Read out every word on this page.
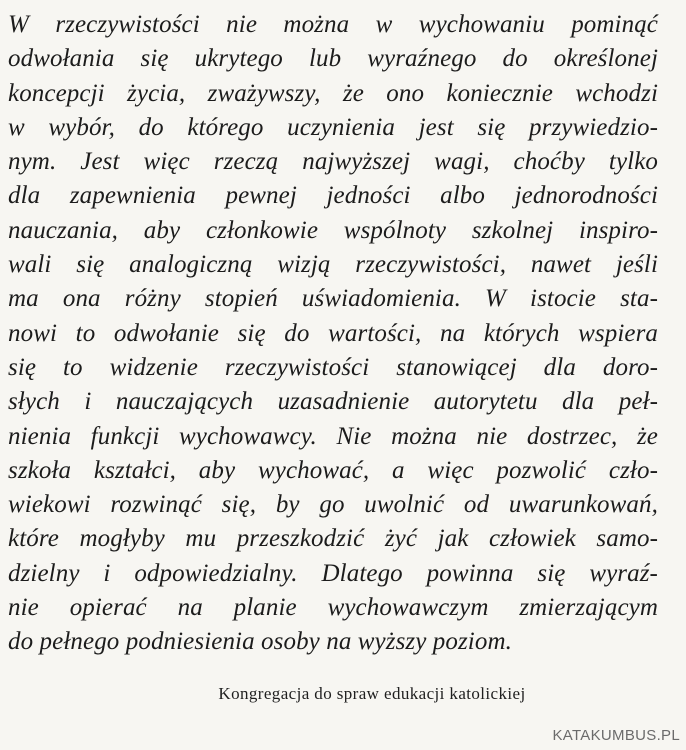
W rzeczywistości nie można w wychowaniu pominąć
odwołania się ukrytego lub wyraźnego do określonej
koncepcji życia, zważywszy, że ono koniecznie wchodzi
w wybór, do którego uczynienia jest się przywiedzio-
nym. Jest więc rzeczą najwyższej wagi, choćby tylko
dla zapewnienia pewnej jedności albo jednorodności
nauczania, aby członkowie wspólnoty szkolnej inspiro-
wali się analogiczną wizją rzeczywistości, nawet jeśli
ma ona różny stopień uświadomienia. W istocie sta-
nowi to odwołanie się do wartości, na których wspiera
się to widzenie rzeczywistości stanowiącej dla doro-
słych i nauczających uzasadnienie autorytetu dla peł-
nienia funkcji wychowawcy. Nie można nie dostrzec, że
szkoła kształci, aby wychować, a więc pozwolić czło-
wiekowi rozwinąć się, by go uwolnić od uwarunkowań,
które mogłyby mu przeszkodzić żyć jak człowiek samo-
dzielny i odpowiedzialny. Dlatego powinna się wyraź-
nie opierać na planie wychowawczym zmierzającym
do pełnego podniesienia osoby na wyższy poziom.
Kongregacja do spraw edukacji katolickiej
KATAKUMBUS.PL
